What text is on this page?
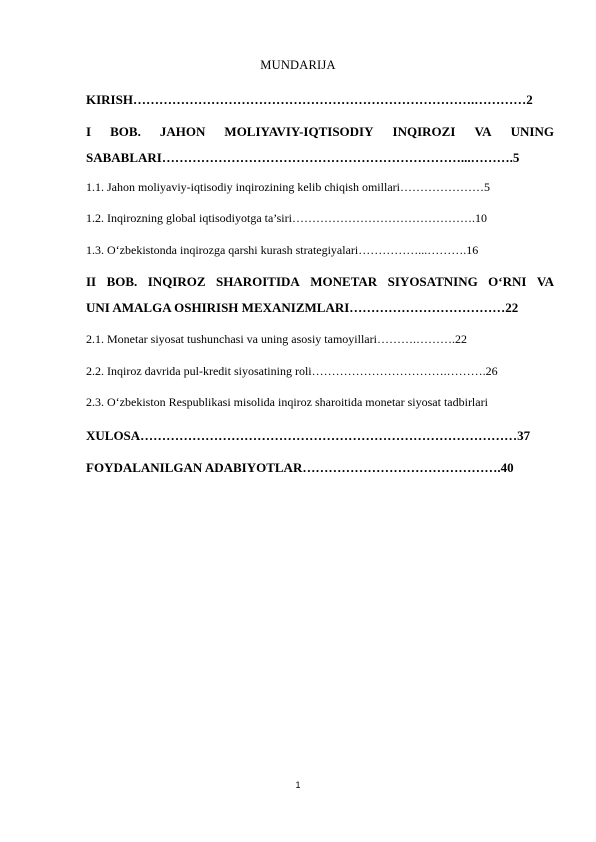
MUNDARIJA
KIRISH…………………………………………………………………….…………2
I BOB. JAHON MOLIYAVIY-IQTISODIY INQIROZI VA UNING
SABABLARI……………………………………………………………...……….5
1.1. Jahon moliyaviy-iqtisodiy inqirozining kelib chiqish omillari…………………5
1.2. Inqirozning global iqtisodiyotga ta’siri……………………………………….10
1.3. O‘zbekistonda inqirozga qarshi kurash strategiyalari……………...……….16
II BOB. INQIROZ SHAROITIDA MONETAR SIYOSATNING O‘RNI VA
UNI AMALGA OSHIRISH MEXANIZMLARI………………………………22
2.1. Monetar siyosat tushunchasi va uning asosiy tamoyillari……….……….22
2.2. Inqiroz davrida pul-kredit siyosatining roli…………………………….……….26
2.3. O‘zbekiston Respublikasi misolida inqiroz sharoitida monetar siyosat tadbirlari
XULOSA……………………………………………………………………………37
FOYDALANILGAN ADABIYOTLAR……………………………………….40
1
